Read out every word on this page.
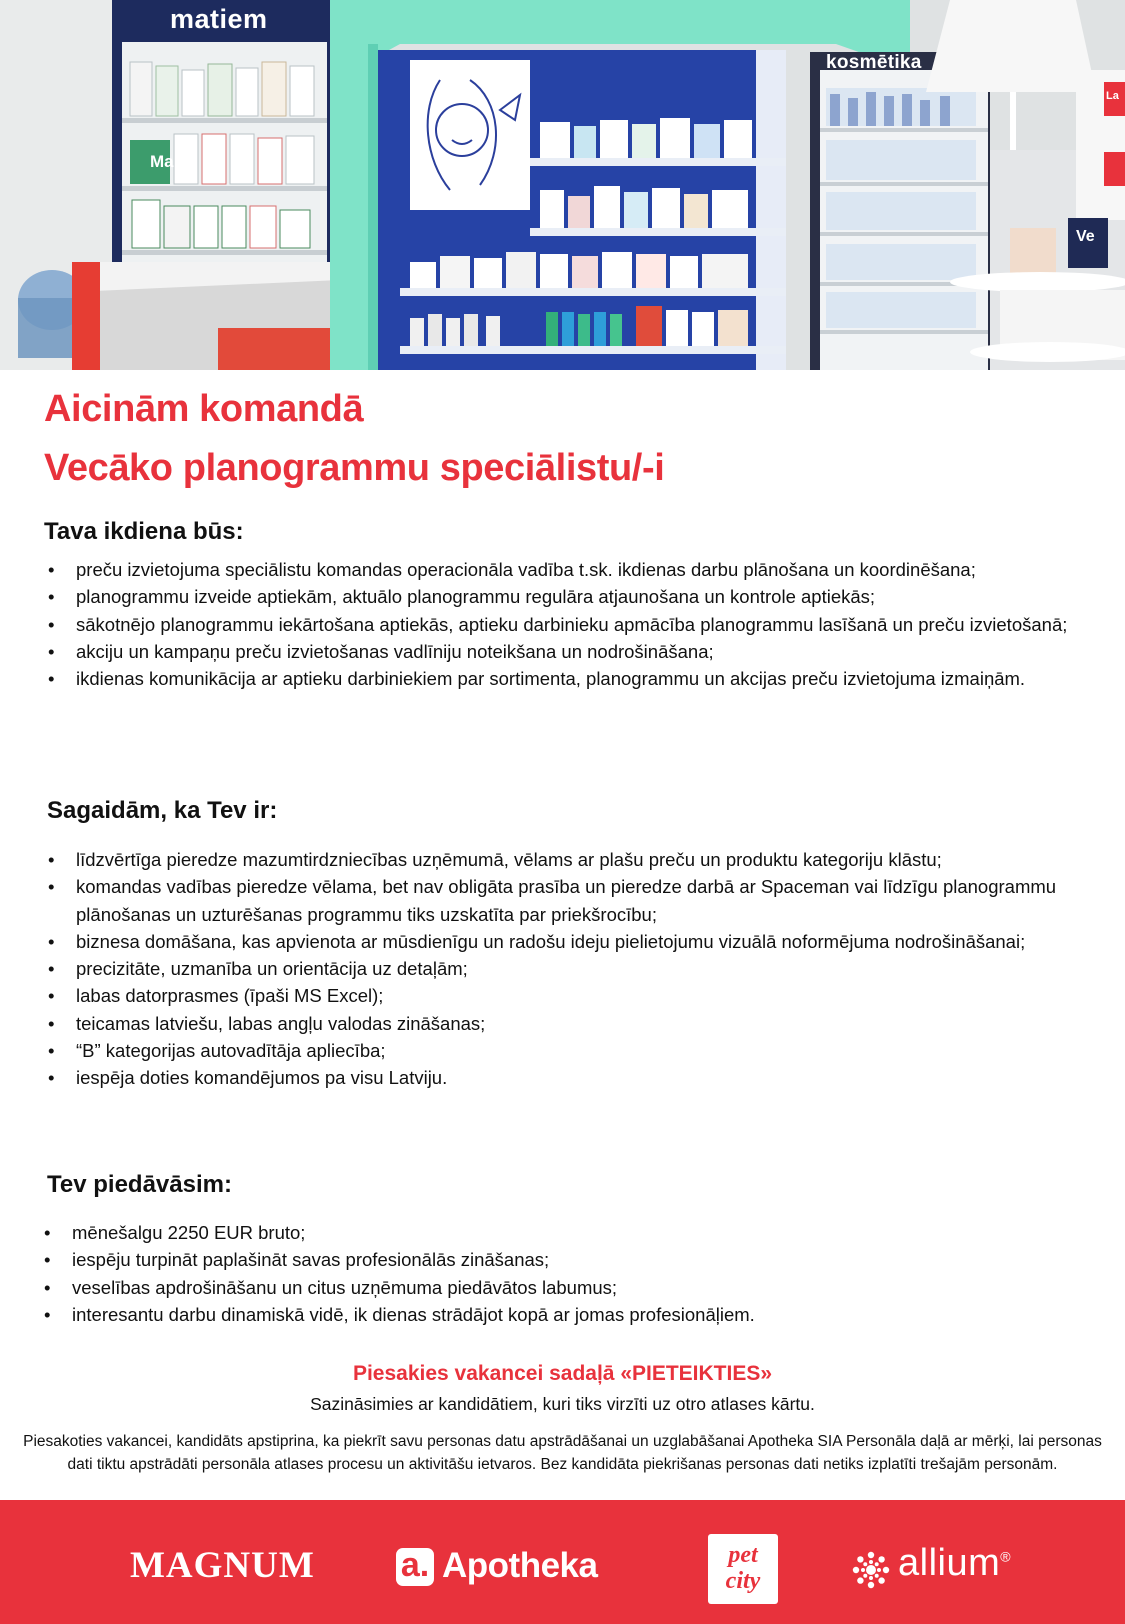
matiem
kosmētika
Ma
Ve
La
Aicinām komandā
Vecāko planogrammu speciālistu/-i
Tava ikdiena būs:
• preču izvietojuma speciālistu komandas operacionāla vadība t.sk. ikdienas darbu plānošana un koordinēšana;
• planogrammu izveide aptiekām, aktuālo planogrammu regulāra atjaunošana un kontrole aptiekās;
• sākotnējo planogrammu iekārtošana aptiekās, aptieku darbinieku apmācība planogrammu lasīšanā un preču izvietošanā;
• akciju un kampaņu preču izvietošanas vadlīniju noteikšana un nodrošināšana;
• ikdienas komunikācija ar aptieku darbiniekiem par sortimenta, planogrammu un akcijas preču izvietojuma izmaiņām.
Sagaidām, ka Tev ir:
• līdzvērtīga pieredze mazumtirdzniecības uzņēmumā, vēlams ar plašu preču un produktu kategoriju klāstu;
• komandas vadības pieredze vēlama, bet nav obligāta prasība un pieredze darbā ar Spaceman vai līdzīgu planogrammu plānošanas un uzturēšanas programmu tiks uzskatīta par priekšrocību;
• biznesa domāšana, kas apvienota ar mūsdienīgu un radošu ideju pielietojumu vizuālā noformējuma nodrošināšanai;
• precizitāte, uzmanība un orientācija uz detaļām;
• labas datorprasmes (īpaši MS Excel);
• teicamas latviešu, labas angļu valodas zināšanas;
• “B” kategorijas autovadītāja apliecība;
• iespēja doties komandējumos pa visu Latviju.
Tev piedāvāsim:
• mēnešalgu 2250 EUR bruto;
• iespēju turpināt paplašināt savas profesionālās zināšanas;
• veselības apdrošināšanu un citus uzņēmuma piedāvātos labumus;
• interesantu darbu dinamiskā vidē, ik dienas strādājot kopā ar jomas profesionāļiem.

Piesakies vakancei sadaļā «PIETEIKTIES»

Sazināsimies ar kandidātiem, kuri tiks virzīti uz otro atlases kārtu.

Piesakoties vakancei, kandidāts apstiprina, ka piekrīt savu personas datu apstrādāšanai un uzglabāšanai Apotheka SIA Personāla daļā ar mērķi, lai personas dati tiktu apstrādāti personāla atlases procesu un aktivitāšu ietvaros. Bez kandidāta piekrišanas personas dati netiks izplatīti trešajām personām.

MAGNUM	a. Apotheka	pet
city	allium®
